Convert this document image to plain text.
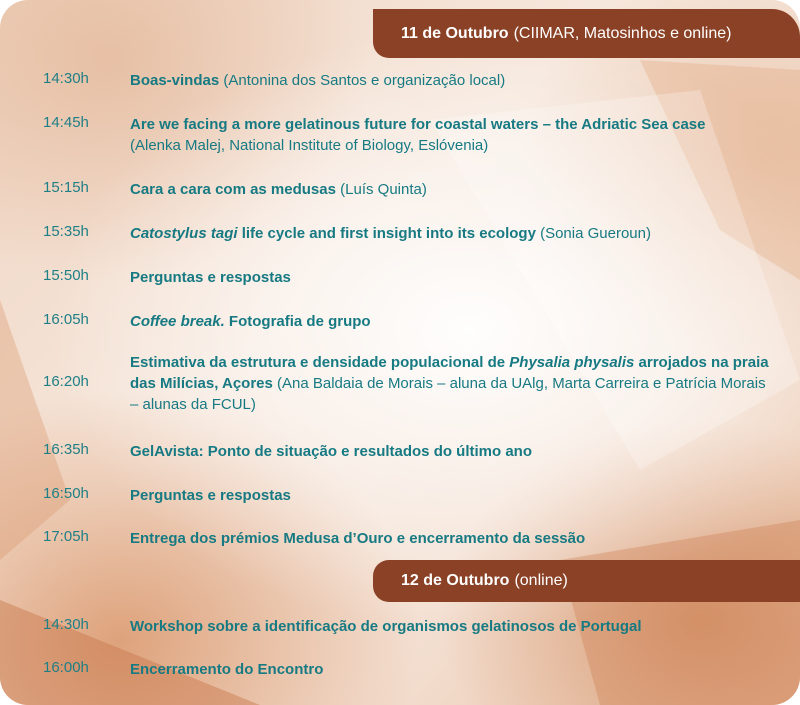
11 de Outubro (CIIMAR, Matosinhos e online)
14:30h	Boas-vindas (Antonina dos Santos e organização local)
14:45h	Are we facing a more gelatinous future for coastal waters – the Adriatic Sea case
(Alenka Malej, National Institute of Biology, Eslóvenia)
15:15h	Cara a cara com as medusas (Luís Quinta)
15:35h	Catostylus tagi life cycle and first insight into its ecology (Sonia Gueroun)
15:50h	Perguntas e respostas
16:05h	Coffee break. Fotografia de grupo
16:20h
Estimativa da estrutura e densidade populacional de Physalia physalis arrojados na praia das Milícias, Açores (Ana Baldaia de Morais – aluna da UAlg, Marta Carreira e Patrícia Morais – alunas da FCUL)
16:35h	GelAvista: Ponto de situação e resultados do último ano
16:50h	Perguntas e respostas
17:05h	Entrega dos prémios Medusa d’Ouro e encerramento da sessão
12 de Outubro (online)
14:30h	Workshop sobre a identificação de organismos gelatinosos de Portugal
16:00h	Encerramento do Encontro
